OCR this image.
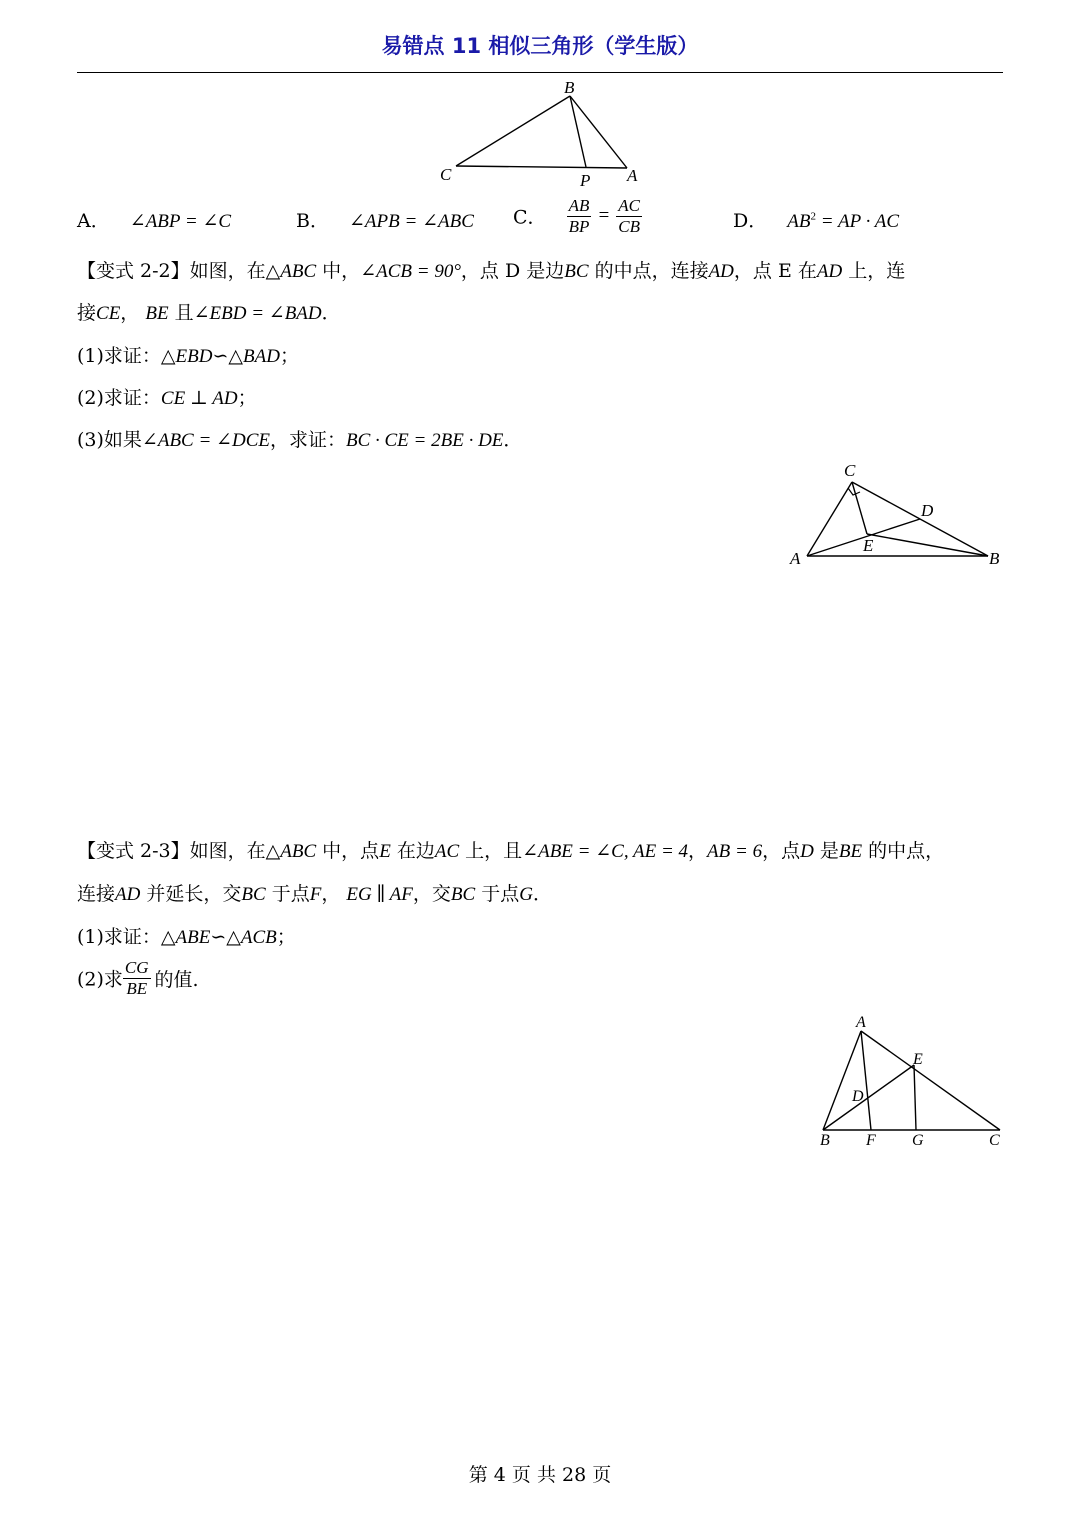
易错点 11 相似三角形（学生版）
B
C	P A
A． ∠ABP = ∠C	B． ∠APB = ∠ABC C． $\frac{AB}{BP} = \frac{AC}{CB}$	D． $AB^2$ = AP · AC
【变式 2-2】如图，在△ABC 中，∠ACB = 90°，点 D 是边BC 的中点，连接AD，点 E 在AD 上，连
接CE， BE 且∠EBD = ∠BAD．
(1)求证：△EBD∽△BAD；
(2)求证：CE ⊥ AD；
(3)如果∠ABC = ∠DCE，求证：BC · CE = 2BE · DE．
C
D
E
A	B
【变式 2-3】如图，在△ABC 中，点E 在边AC 上，且∠ABE = ∠C, AE = 4，AB = 6，点D 是BE 的中点，
连接AD 并延长，交BC 于点F， EG ∥ AF，交BC 于点G．
(1)求证：△ABE∽△ACB；
(2)求 $\frac{CG}{BE}$ 的值.
A
E
D
B F G	C
第 4 页 共 28 页
